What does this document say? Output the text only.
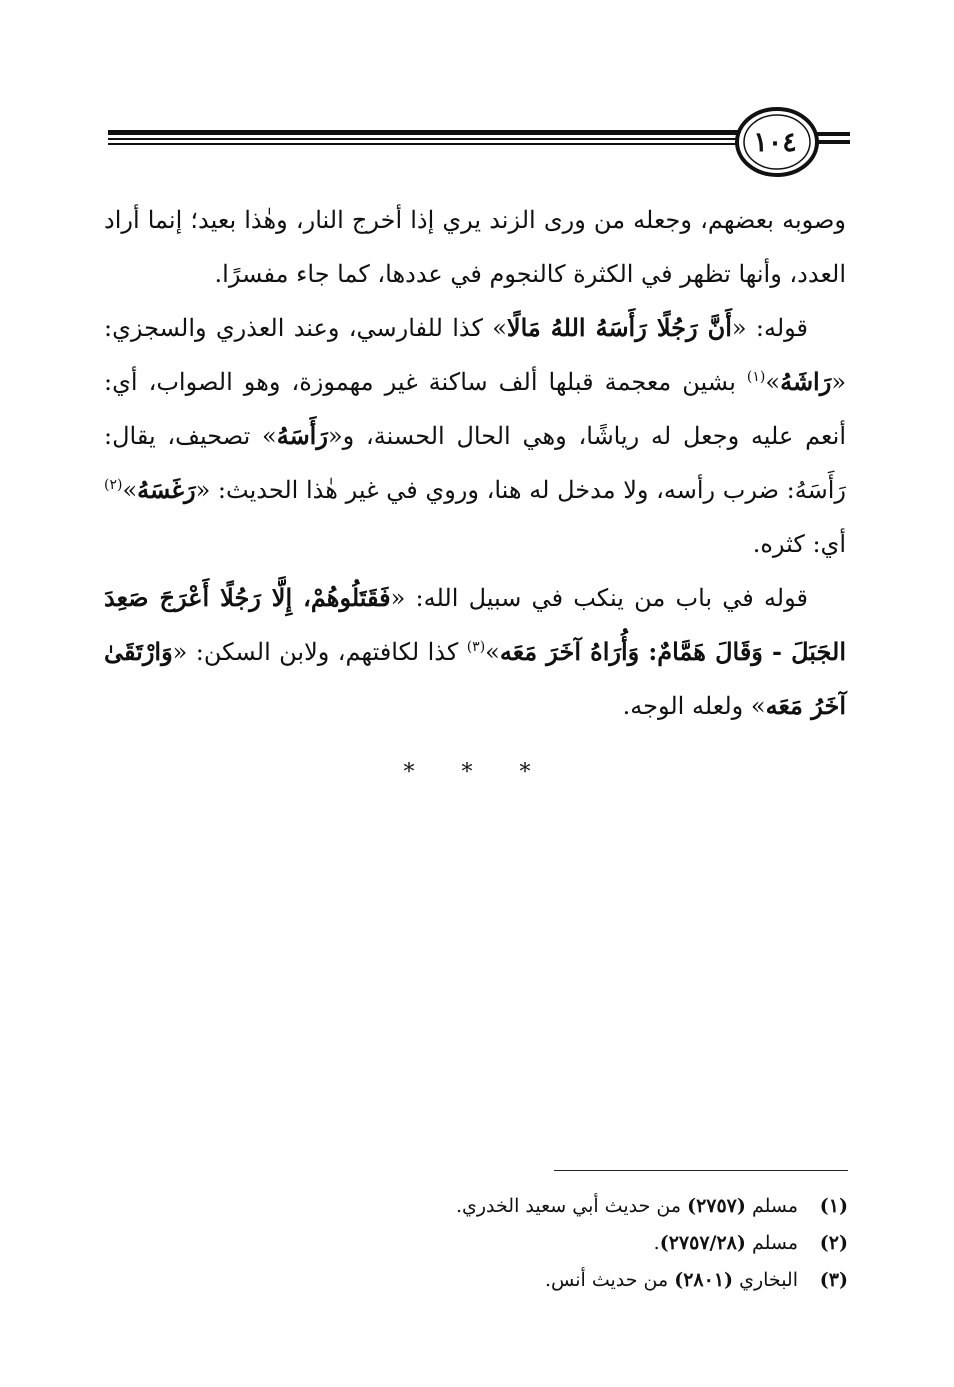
١٠٤

وصوبه بعضهم، وجعله من ورى الزند يري إذا أخرج النار، وهٰذا بعيد؛ إنما أراد العدد، وأنها تظهر في الكثرة كالنجوم في عددها، كما جاء مفسرًا.

قوله: «أَنَّ رَجُلًا رَأَسَهُ اللهُ مَالًا» كذا للفارسي، وعند العذري والسجزي: «رَاشَهُ»$^{(١)}$ بشين معجمة قبلها ألف ساكنة غير مهموزة، وهو الصواب، أي: أنعم عليه وجعل له رياشًا، وهي الحال الحسنة، و«رَأَسَهُ» تصحيف، يقال: رَأَسَهُ: ضرب رأسه، ولا مدخل له هنا، وروي في غير هٰذا الحديث: «رَغَسَهُ»$^{(٢)}$ أي: كثره.

قوله في باب من ينكب في سبيل الله: «فَقَتَلُوهُمْ، إِلَّا رَجُلًا أَعْرَجَ صَعِدَ الجَبَلَ - وَقَالَ هَمَّامٌ: وَأُرَاهُ آخَرَ مَعَه»$^{(٣)}$ كذا لكافتهم، ولابن السكن: «وَارْتَقَىٰ آخَرُ مَعَه» ولعله الوجه.

* * *

(١)مسلم (٢٧٥٧) من حديث أبي سعيد الخدري.

(٢)مسلم (٢٧٥٧/٢٨).

(٣)البخاري (٢٨٠١) من حديث أنس.
